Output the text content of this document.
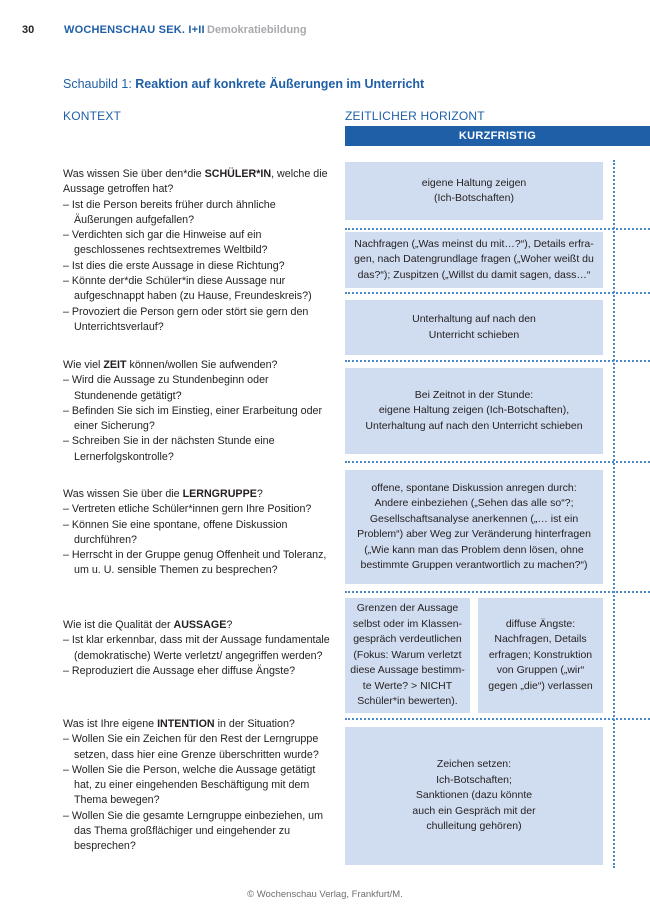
30	WOCHENSCHAU SEK. I+II Demokratiebildung
Schaubild 1: Reaktion auf konkrete Äußerungen im Unterricht
KONTEXT	ZEITLICHER HORIZONT
KURZFRISTIG
eigene Haltung zeigen
(Ich-Botschaften)
Nachfragen („Was meinst du mit…?“), Details erfra-
gen, nach Datengrundlage fragen („Woher weißt du
das?“); Zuspitzen („Willst du damit sagen, dass…“
Unterhaltung auf nach den
Unterricht schieben
Bei Zeitnot in der Stunde:
eigene Haltung zeigen (Ich-Botschaften),
Unterhaltung auf nach den Unterricht schieben
offene, spontane Diskussion anregen durch:
Andere einbeziehen („Sehen das alle so“?;
Gesellschaftsanalyse anerkennen („… ist ein
Problem“) aber Weg zur Veränderung hinterfragen
(„Wie kann man das Problem denn lösen, ohne
bestimmte Gruppen verantwortlich zu machen?“)
Grenzen der Aussage
selbst oder im Klassen-
gespräch verdeutlichen
(Fokus: Warum verletzt
diese Aussage bestimm-
te Werte? > NICHT
Schüler*in bewerten).
diffuse Ängste:
Nachfragen, Details
erfragen; Konstruktion
von Gruppen („wir“
gegen „die“) verlassen
Zeichen setzen:
Ich-Botschaften;
Sanktionen (dazu könnte
auch ein Gespräch mit der
chulleitung gehören)

Was wissen Sie über den*die SCHÜLER*IN, welche die Aussage getroffen hat?

– Ist die Person bereits früher durch ähnliche Äußerungen aufgefallen?
– Verdichten sich gar die Hinweise auf ein geschlossenes rechtsextremes Weltbild?
– Ist dies die erste Aussage in diese Richtung?
– Könnte der*die Schüler*in diese Aussage nur aufgeschnappt haben (zu Hause, Freundeskreis?)
– Provoziert die Person gern oder stört sie gern den Unterrichtsverlauf?

Wie viel ZEIT können/wollen Sie aufwenden?

– Wird die Aussage zu Stundenbeginn oder Stundenende getätigt?
– Befinden Sie sich im Einstieg, einer Erarbeitung oder einer Sicherung?
– Schreiben Sie in der nächsten Stunde eine Lernerfolgskontrolle?

Was wissen Sie über die LERNGRUPPE?

– Vertreten etliche Schüler*innen gern Ihre Position?
– Können Sie eine spontane, offene Diskussion durchführen?
– Herrscht in der Gruppe genug Offenheit und Toleranz, um u. U. sensible Themen zu besprechen?

Wie ist die Qualität der AUSSAGE?

– Ist klar erkennbar, dass mit der Aussage fundamentale (demokratische) Werte verletzt/ angegriffen werden?
– Reproduziert die Aussage eher diffuse Ängste?

Was ist Ihre eigene INTENTION in der Situation?

– Wollen Sie ein Zeichen für den Rest der Lerngruppe setzen, dass hier eine Grenze überschritten wurde?
– Wollen Sie die Person, welche die Aussage getätigt hat, zu einer eingehenden Beschäftigung mit dem Thema bewegen?
– Wollen Sie die gesamte Lerngruppe einbeziehen, um das Thema großflächiger und eingehender zu besprechen?
© Wochenschau Verlag, Frankfurt/M.
